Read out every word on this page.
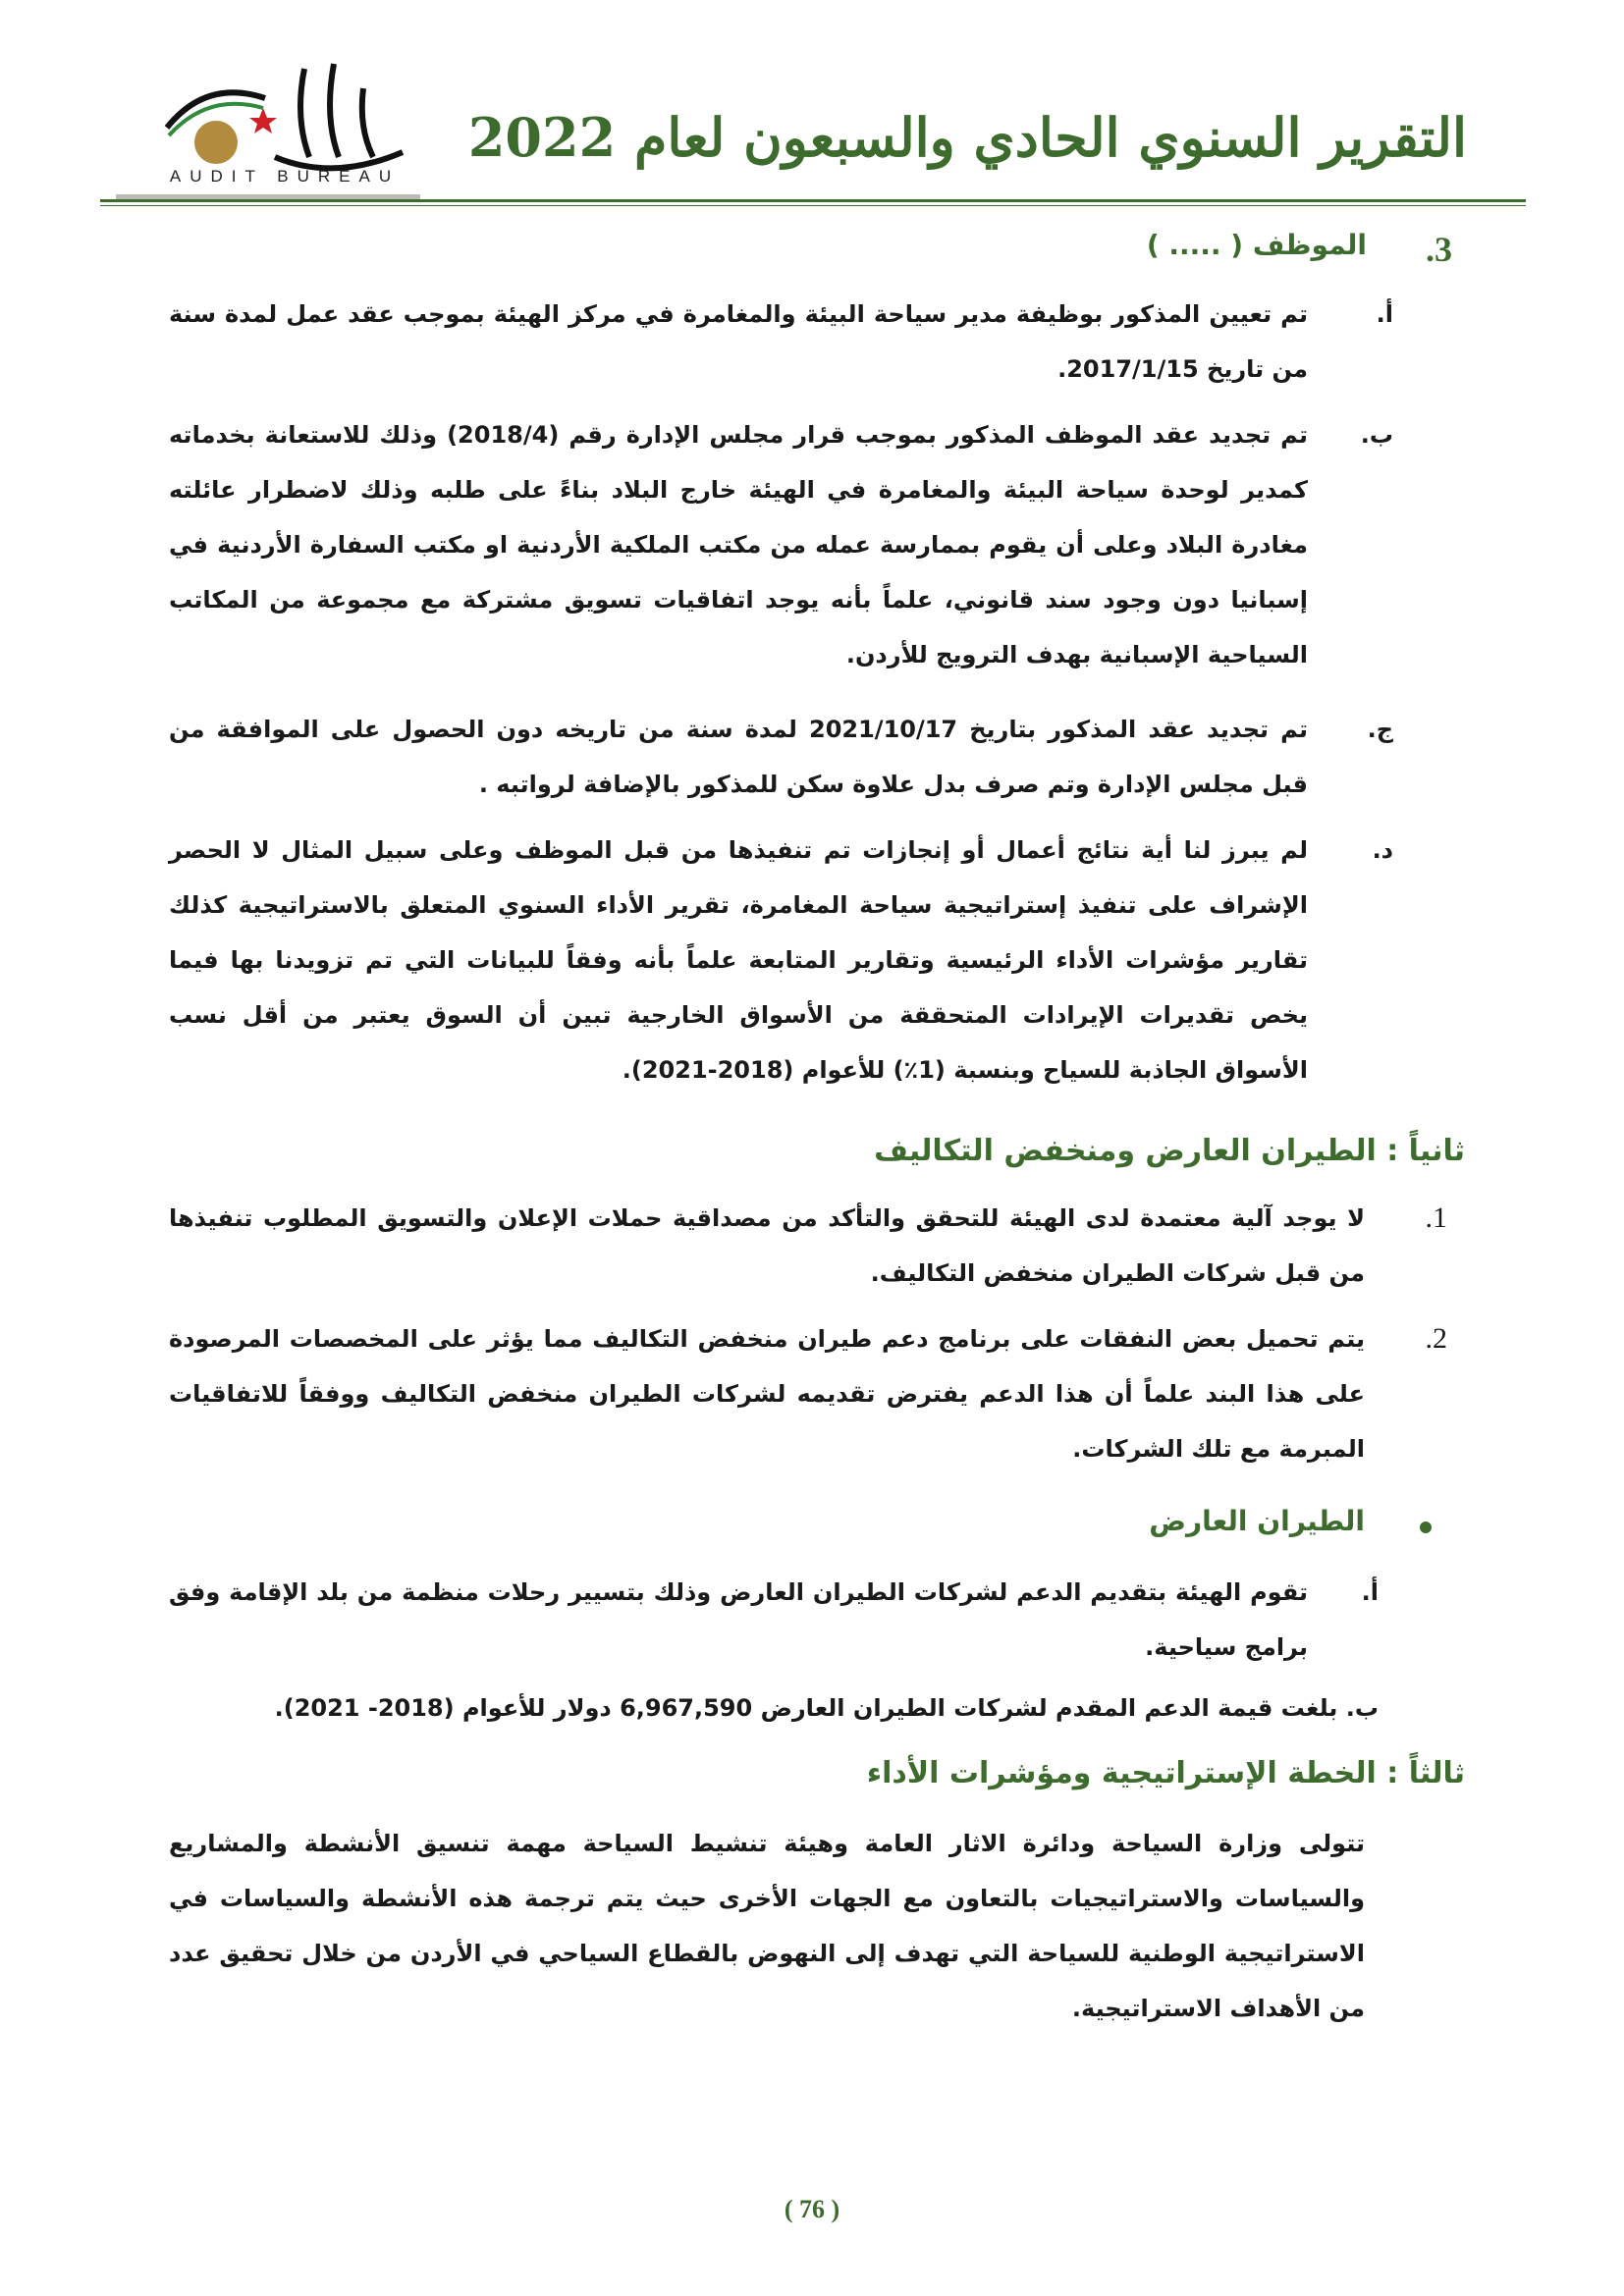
التقرير السنوي الحادي والسبعون لعام 2022
AUDIT BUREAU
.3
الموظف ( ..... )
أ.
تم تعيين المذكور بوظيفة مدير سياحة البيئة والمغامرة في مركز الهيئة بموجب عقد عمل لمدة سنة من تاريخ 2017/1/15.
ب.
تم تجديد عقد الموظف المذكور بموجب قرار مجلس الإدارة رقم (2018/4) وذلك للاستعانة بخدماته كمدير لوحدة سياحة البيئة والمغامرة في الهيئة خارج البلاد بناءً على طلبه وذلك لاضطرار عائلته مغادرة البلاد وعلى أن يقوم بممارسة عمله من مكتب الملكية الأردنية او مكتب السفارة الأردنية في إسبانيا دون وجود سند قانوني، علماً بأنه يوجد اتفاقيات تسويق مشتركة مع مجموعة من المكاتب السياحية الإسبانية بهدف الترويج للأردن.
ج.
تم تجديد عقد المذكور بتاريخ 2021/10/17 لمدة سنة من تاريخه دون الحصول على الموافقة من قبل مجلس الإدارة وتم صرف بدل علاوة سكن للمذكور بالإضافة لرواتبه .
د.
لم يبرز لنا أية نتائج أعمال أو إنجازات تم تنفيذها من قبل الموظف وعلى سبيل المثال لا الحصر الإشراف على تنفيذ إستراتيجية سياحة المغامرة، تقرير الأداء السنوي المتعلق بالاستراتيجية كذلك تقارير مؤشرات الأداء الرئيسية وتقارير المتابعة علماً بأنه وفقاً للبيانات التي تم تزويدنا بها فيما يخص تقديرات الإيرادات المتحققة من الأسواق الخارجية تبين أن السوق يعتبر من أقل نسب الأسواق الجاذبة للسياح وبنسبة (1٪) للأعوام (2018-2021).
ثانياً : الطيران العارض ومنخفض التكاليف
.1
لا يوجد آلية معتمدة لدى الهيئة للتحقق والتأكد من مصداقية حملات الإعلان والتسويق المطلوب تنفيذها من قبل شركات الطيران منخفض التكاليف.
.2
يتم تحميل بعض النفقات على برنامج دعم طيران منخفض التكاليف مما يؤثر على المخصصات المرصودة على هذا البند علماً أن هذا الدعم يفترض تقديمه لشركات الطيران منخفض التكاليف ووفقاً للاتفاقيات المبرمة مع تلك الشركات.
الطيران العارض
أ.
تقوم الهيئة بتقديم الدعم لشركات الطيران العارض وذلك بتسيير رحلات منظمة من بلد الإقامة وفق برامج سياحية.
ب. بلغت قيمة الدعم المقدم لشركات الطيران العارض 6,967,590 دولار للأعوام (2018- 2021).
ثالثاً : الخطة الإستراتيجية ومؤشرات الأداء
تتولى وزارة السياحة ودائرة الاثار العامة وهيئة تنشيط السياحة مهمة تنسيق الأنشطة والمشاريع والسياسات والاستراتيجيات بالتعاون مع الجهات الأخرى حيث يتم ترجمة هذه الأنشطة والسياسات في الاستراتيجية الوطنية للسياحة التي تهدف إلى النهوض بالقطاع السياحي في الأردن من خلال تحقيق عدد من الأهداف الاستراتيجية.
( 76 )
